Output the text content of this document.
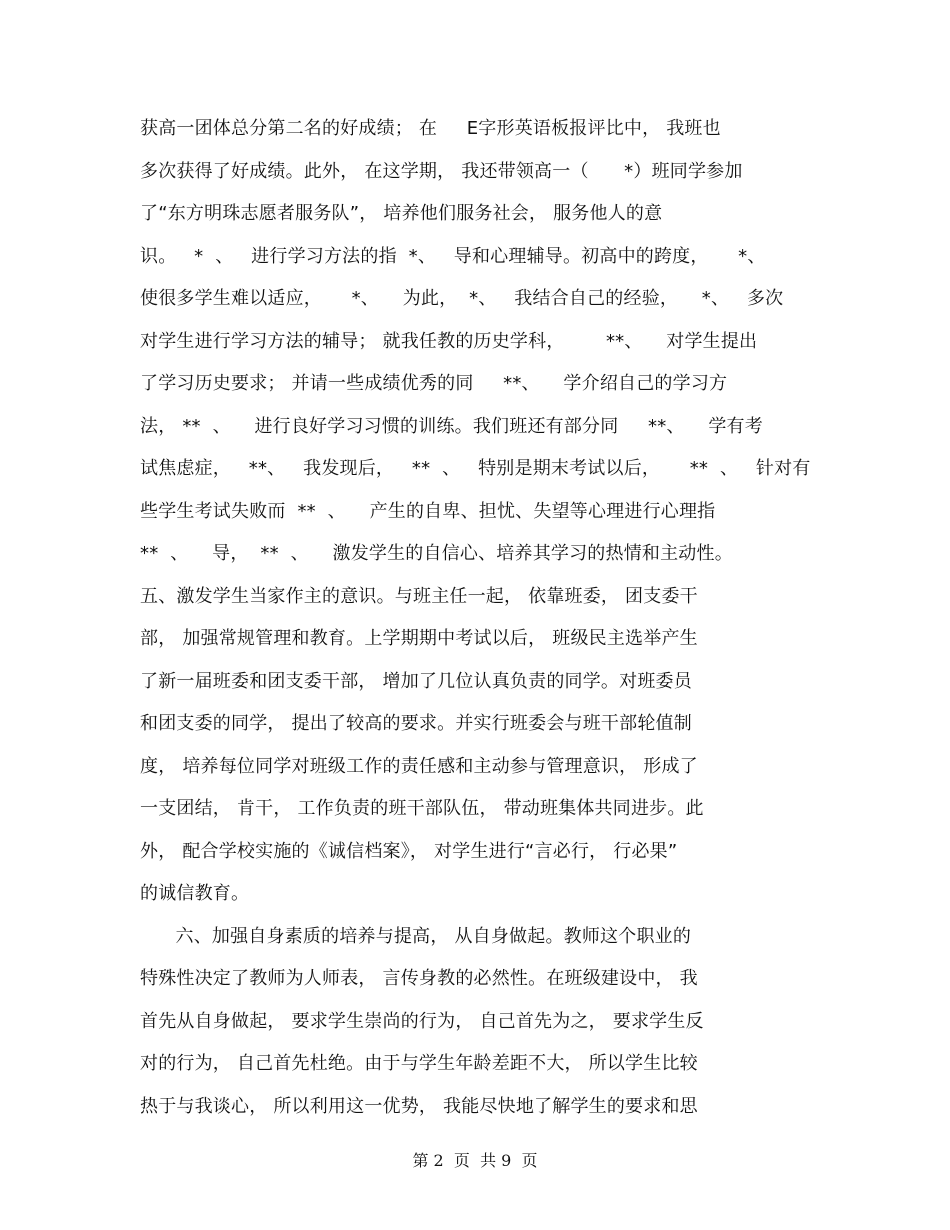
获高一团体总分第二名的好成绩； 在     E字形英语板报评比中， 我班也
多次获得了好成绩。此外， 在这学期， 我还带领高一（      *）班同学参加
了“东方明珠志愿者服务队”， 培养他们服务社会， 服务他人的意
识。   *  、   进行学习方法的指  *、   导和心理辅导。初高中的跨度，     *、
使很多学生难以适应，     *、    为此，  *、   我结合自己的经验，    *、   多次
对学生进行学习方法的辅导； 就我任教的历史学科，       **、    对学生提出
了学习历史要求； 并请一些成绩优秀的同     **、    学介绍自己的学习方
法， **  、    进行良好学习习惯的训练。我们班还有部分同     **、    学有考
试焦虑症，   **、   我发现后，   **  、   特别是期末考试以后，     **  、   针对有
些学生考试失败而  **  、    产生的自卑、担忧、失望等心理进行心理指
**  、    导，  **  、    激发学生的自信心、培养其学习的热情和主动性。
五、激发学生当家作主的意识。与班主任一起， 依靠班委， 团支委干
部， 加强常规管理和教育。上学期期中考试以后， 班级民主选举产生
了新一届班委和团支委干部， 增加了几位认真负责的同学。对班委员
和团支委的同学， 提出了较高的要求。并实行班委会与班干部轮值制
度， 培养每位同学对班级工作的责任感和主动参与管理意识， 形成了
一支团结， 肯干， 工作负责的班干部队伍， 带动班集体共同进步。此
外， 配合学校实施的《诚信档案》， 对学生进行“言必行， 行必果”
的诚信教育。
六、加强自身素质的培养与提高， 从自身做起。教师这个职业的
特殊性决定了教师为人师表， 言传身教的必然性。在班级建设中， 我
首先从自身做起， 要求学生崇尚的行为， 自己首先为之， 要求学生反
对的行为， 自己首先杜绝。由于与学生年龄差距不大， 所以学生比较
热于与我谈心， 所以利用这一优势， 我能尽快地了解学生的要求和思
第 2  页  共 9  页
